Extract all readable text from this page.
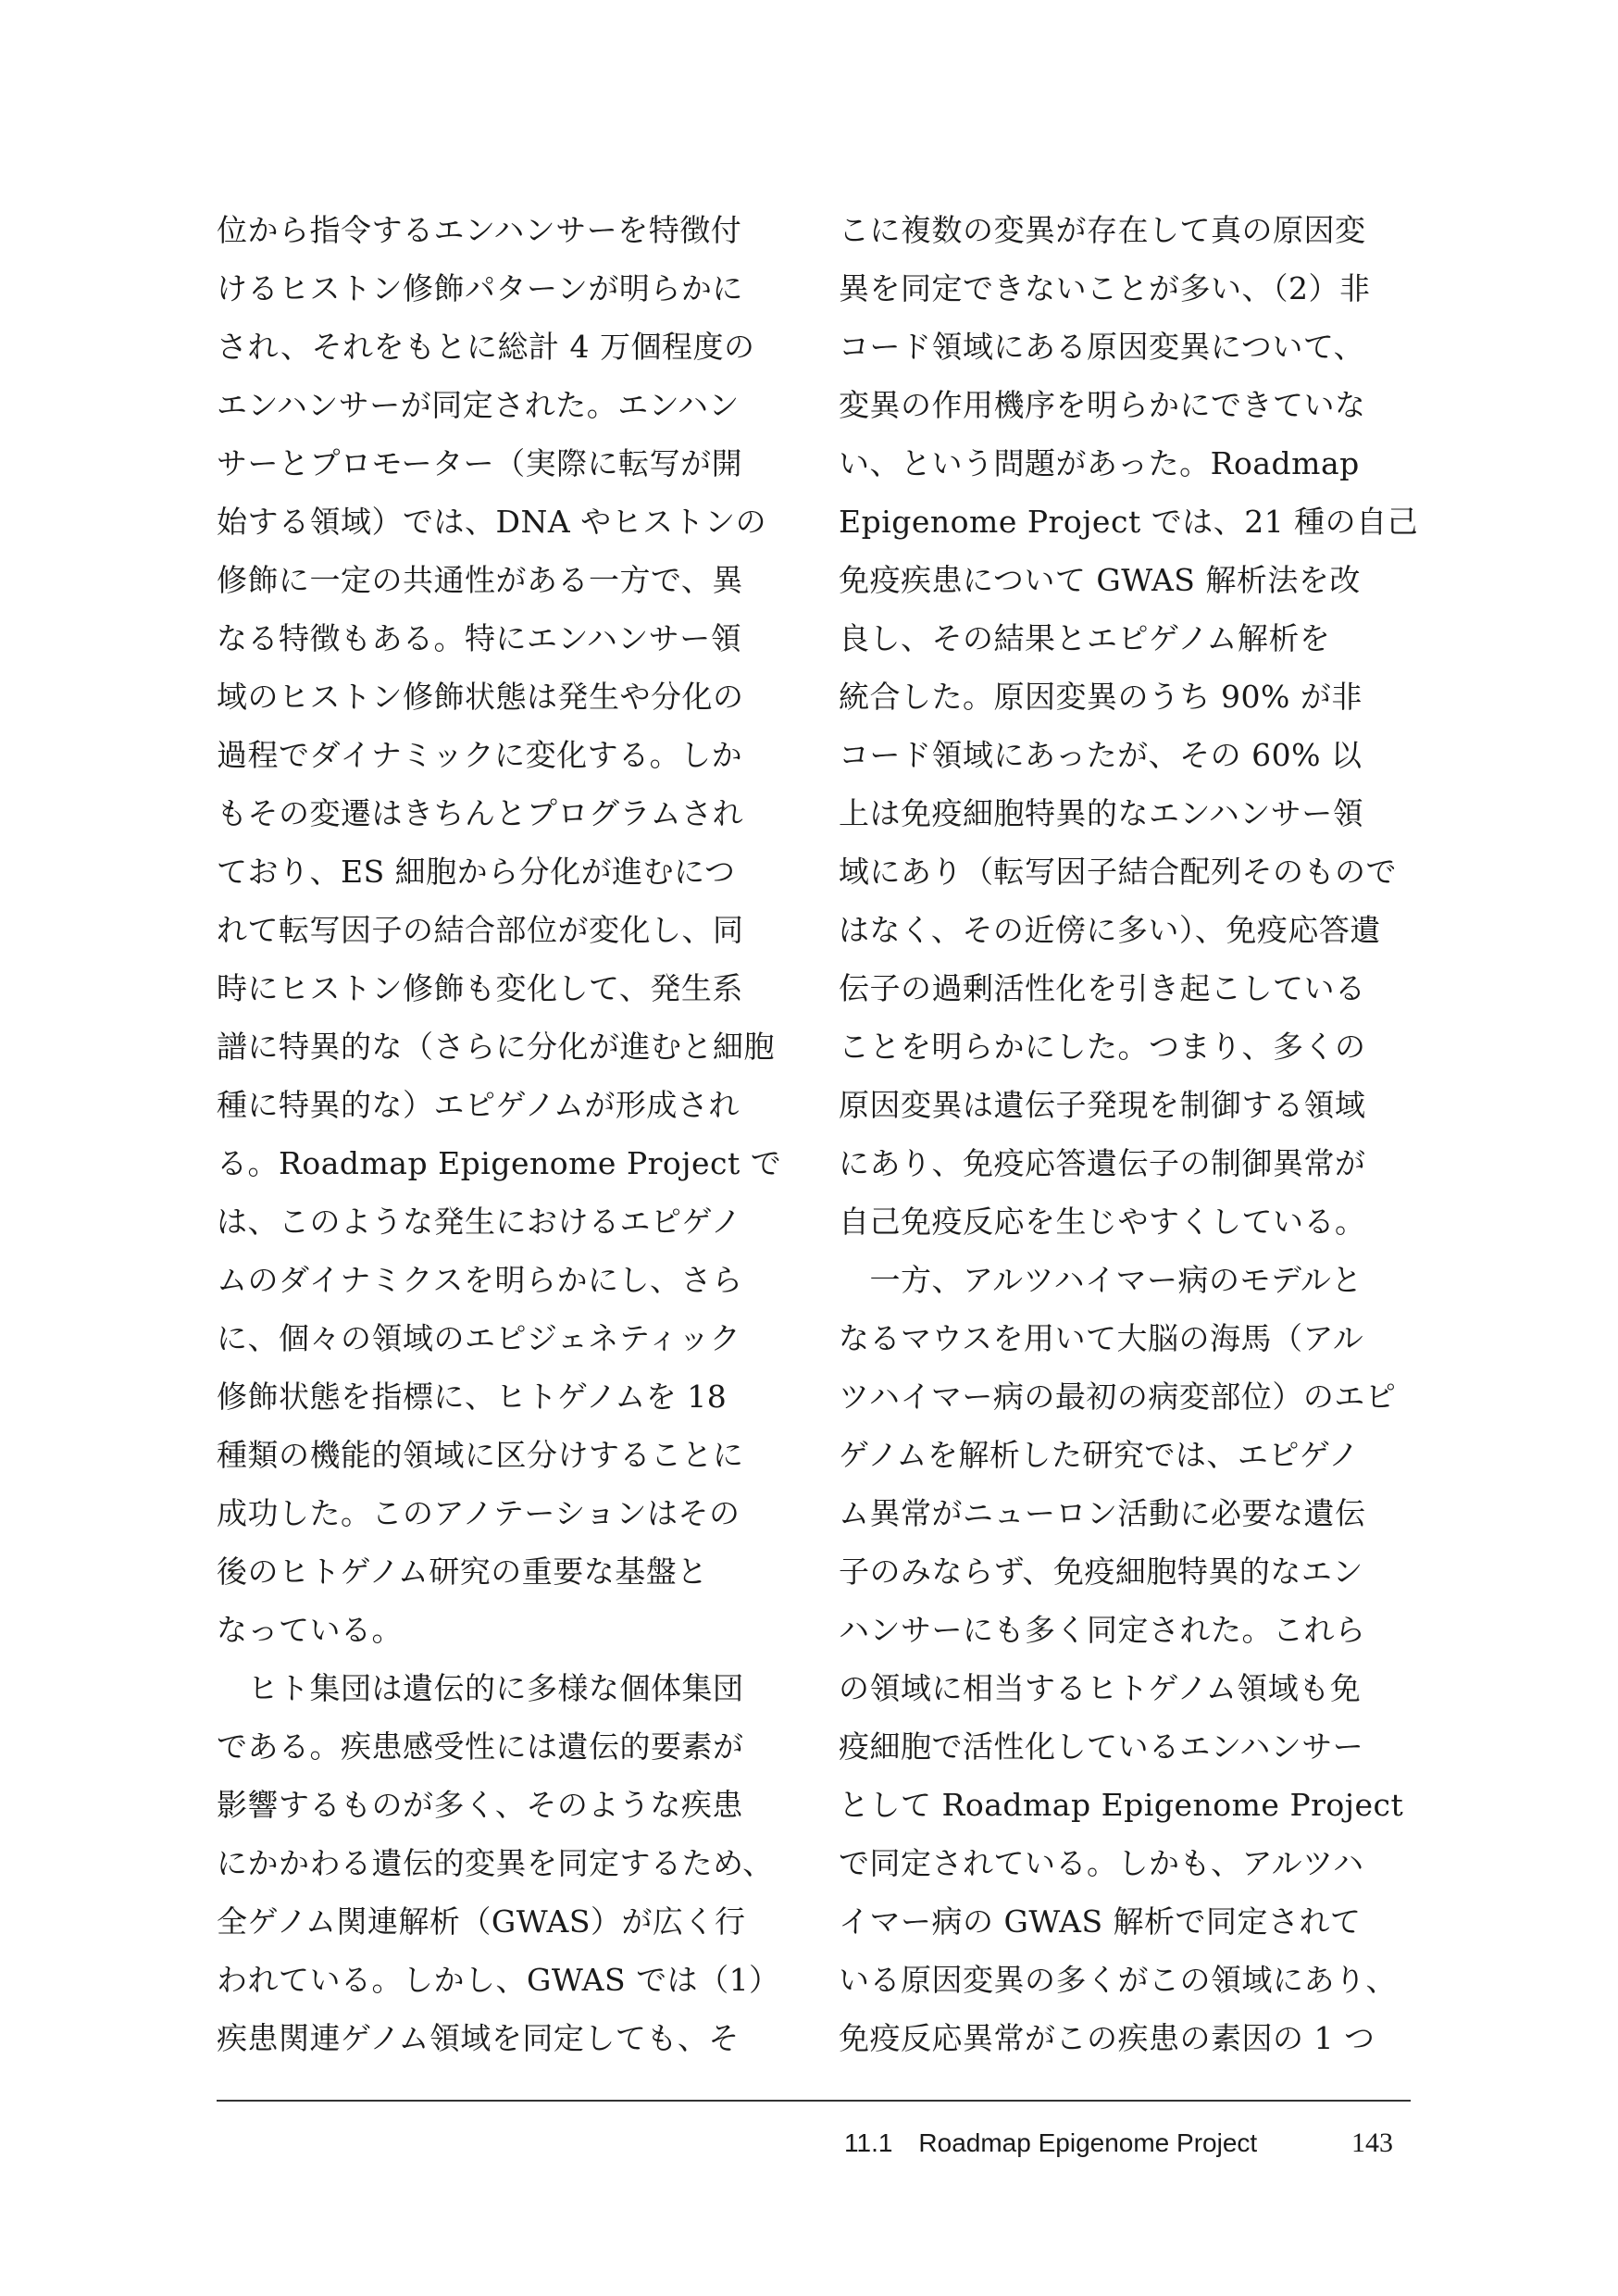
位から指令するエンハンサーを特徴付
けるヒストン修飾パターンが明らかに
され、それをもとに総計 4 万個程度の
エンハンサーが同定された。エンハン
サーとプロモーター（実際に転写が開
始する領域）では、DNA やヒストンの
修飾に一定の共通性がある一方で、異
なる特徴もある。特にエンハンサー領
域のヒストン修飾状態は発生や分化の
過程でダイナミックに変化する。しか
もその変遷はきちんとプログラムされ
ており、ES 細胞から分化が進むにつ
れて転写因子の結合部位が変化し、同
時にヒストン修飾も変化して、発生系
譜に特異的な（さらに分化が進むと細胞
種に特異的な）エピゲノムが形成され
る。Roadmap Epigenome Project で
は、このような発生におけるエピゲノ
ムのダイナミクスを明らかにし、さら
に、個々の領域のエピジェネティック
修飾状態を指標に、ヒトゲノムを 18
種類の機能的領域に区分けすることに
成功した。このアノテーションはその
後のヒトゲノム研究の重要な基盤と
なっている。
　ヒト集団は遺伝的に多様な個体集団
である。疾患感受性には遺伝的要素が
影響するものが多く、そのような疾患
にかかわる遺伝的変異を同定するため、
全ゲノム関連解析（GWAS）が広く行
われている。しかし、GWAS では（1）
疾患関連ゲノム領域を同定しても、そ
こに複数の変異が存在して真の原因変
異を同定できないことが多い、（2）非
コード領域にある原因変異について、
変異の作用機序を明らかにできていな
い、という問題があった。Roadmap
Epigenome Project では、21 種の自己
免疫疾患について GWAS 解析法を改
良し、その結果とエピゲノム解析を
統合した。原因変異のうち 90% が非
コード領域にあったが、その 60% 以
上は免疫細胞特異的なエンハンサー領
域にあり（転写因子結合配列そのもので
はなく、その近傍に多い）、免疫応答遺
伝子の過剰活性化を引き起こしている
ことを明らかにした。つまり、多くの
原因変異は遺伝子発現を制御する領域
にあり、免疫応答遺伝子の制御異常が
自己免疫反応を生じやすくしている。
　一方、アルツハイマー病のモデルと
なるマウスを用いて大脳の海馬（アル
ツハイマー病の最初の病変部位）のエピ
ゲノムを解析した研究では、エピゲノ
ム異常がニューロン活動に必要な遺伝
子のみならず、免疫細胞特異的なエン
ハンサーにも多く同定された。これら
の領域に相当するヒトゲノム領域も免
疫細胞で活性化しているエンハンサー
として Roadmap Epigenome Project
で同定されている。しかも、アルツハ
イマー病の GWAS 解析で同定されて
いる原因変異の多くがこの領域にあり、
免疫反応異常がこの疾患の素因の 1 つ
11.1　Roadmap Epigenome Project	143
